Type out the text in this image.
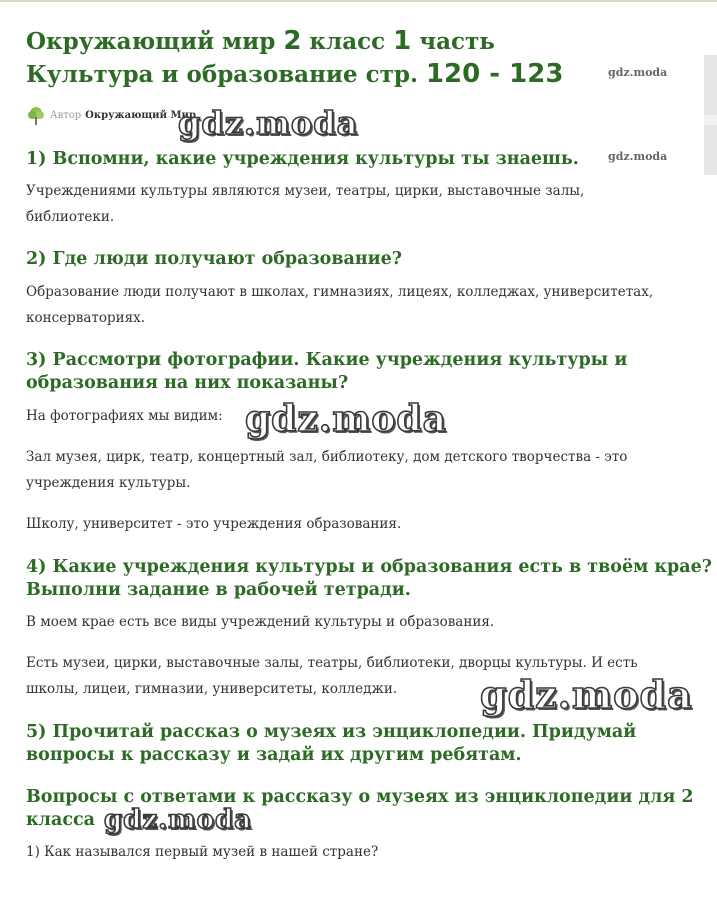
Окружающий мир 2 класс 1 часть Культура и образование стр. 120 - 123
Автор Окружающий Мир
1) Вспомни, какие учреждения культуры ты знаешь.

Учреждениями культуры являются музеи, театры, цирки, выставочные залы, библиотеки.

2) Где люди получают образование?

Образование люди получают в школах, гимназиях, лицеях, колледжах, университетах, консерваториях.

3) Рассмотри фотографии. Какие учреждения культуры и
образования на них показаны?

На фотографиях мы видим:

Зал музея, цирк, театр, концертный зал, библиотеку, дом детского творчества - это учреждения культуры.

Школу, университет - это учреждения образования.

4) Какие учреждения культуры и образования есть в твоём крае?
Выполни задание в рабочей тетради.

В моем крае есть все виды учреждений культуры и образования.

Есть музеи, цирки, выставочные залы, театры, библиотеки, дворцы культуры. И есть школы, лицеи, гимназии, университеты, колледжи.

5) Прочитай рассказ о музеях из энциклопедии. Придумай
вопросы к рассказу и задай их другим ребятам.
Вопросы с ответами к рассказу о музеях из энциклопедии для 2
класса

1) Как назывался первый музей в нашей стране?

gdz.moda
gdz.moda
gdz.moda
gdz.moda
gdz.moda
gdz.moda
